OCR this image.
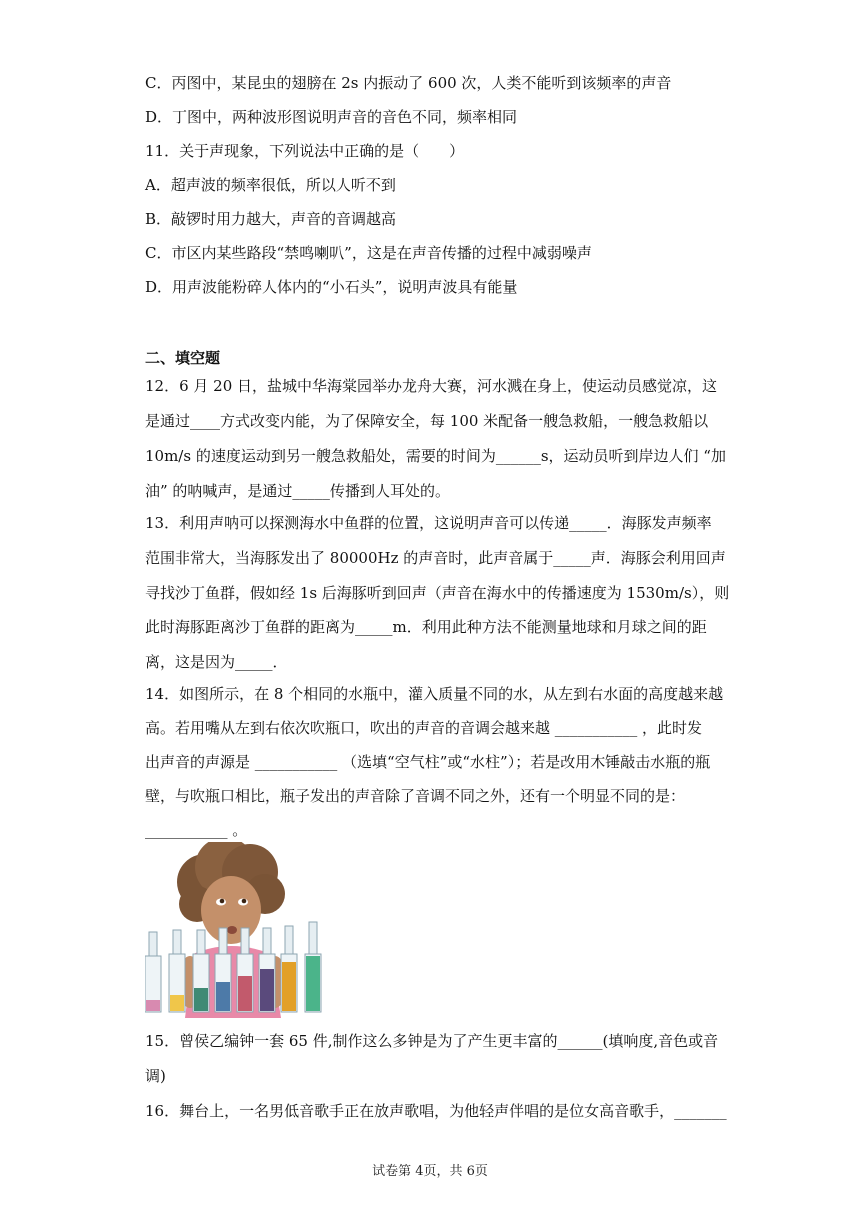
C．丙图中，某昆虫的翅膀在 2s 内振动了 600 次，人类不能听到该频率的声音
D．丁图中，两种波形图说明声音的音色不同，频率相同
11．关于声现象，下列说法中正确的是（　　）
A．超声波的频率很低，所以人听不到
B．敲锣时用力越大，声音的音调越高
C．市区内某些路段“禁鸣喇叭”，这是在声音传播的过程中减弱噪声
D．用声波能粉碎人体内的“小石头”，说明声波具有能量
二、填空题
12．6 月 20 日，盐城中华海棠园举办龙舟大赛，河水溅在身上，使运动员感觉凉，这
是通过____方式改变内能，为了保障安全，每 100 米配备一艘急救船，一艘急救船以
10m/s 的速度运动到另一艘急救船处，需要的时间为______s，运动员听到岸边人们 “加
油” 的呐喊声，是通过_____传播到人耳处的。
13．利用声呐可以探测海水中鱼群的位置，这说明声音可以传递_____．海豚发声频率
范围非常大，当海豚发出了 80000Hz 的声音时，此声音属于_____声．海豚会利用回声
寻找沙丁鱼群，假如经 1s 后海豚听到回声（声音在海水中的传播速度为 1530m/s），则
此时海豚距离沙丁鱼群的距离为_____m．利用此种方法不能测量地球和月球之间的距
离，这是因为_____．
14．如图所示，在 8 个相同的水瓶中，灌入质量不同的水，从左到右水面的高度越来越
高。若用嘴从左到右依次吹瓶口，吹出的声音的音调会越来越 ___________ ，此时发
出声音的声源是 ___________ （选填“空气柱”或“水柱”）；若是改用木锤敲击水瓶的瓶
壁，与吹瓶口相比，瓶子发出的声音除了音调不同之外，还有一个明显不同的是：
___________ 。
15．曾侯乙编钟一套 65 件,制作这么多钟是为了产生更丰富的______(填响度,音色或音
调)
16．舞台上，一名男低音歌手正在放声歌唱，为他轻声伴唱的是位女高音歌手，_______
试卷第 4页，共 6页
